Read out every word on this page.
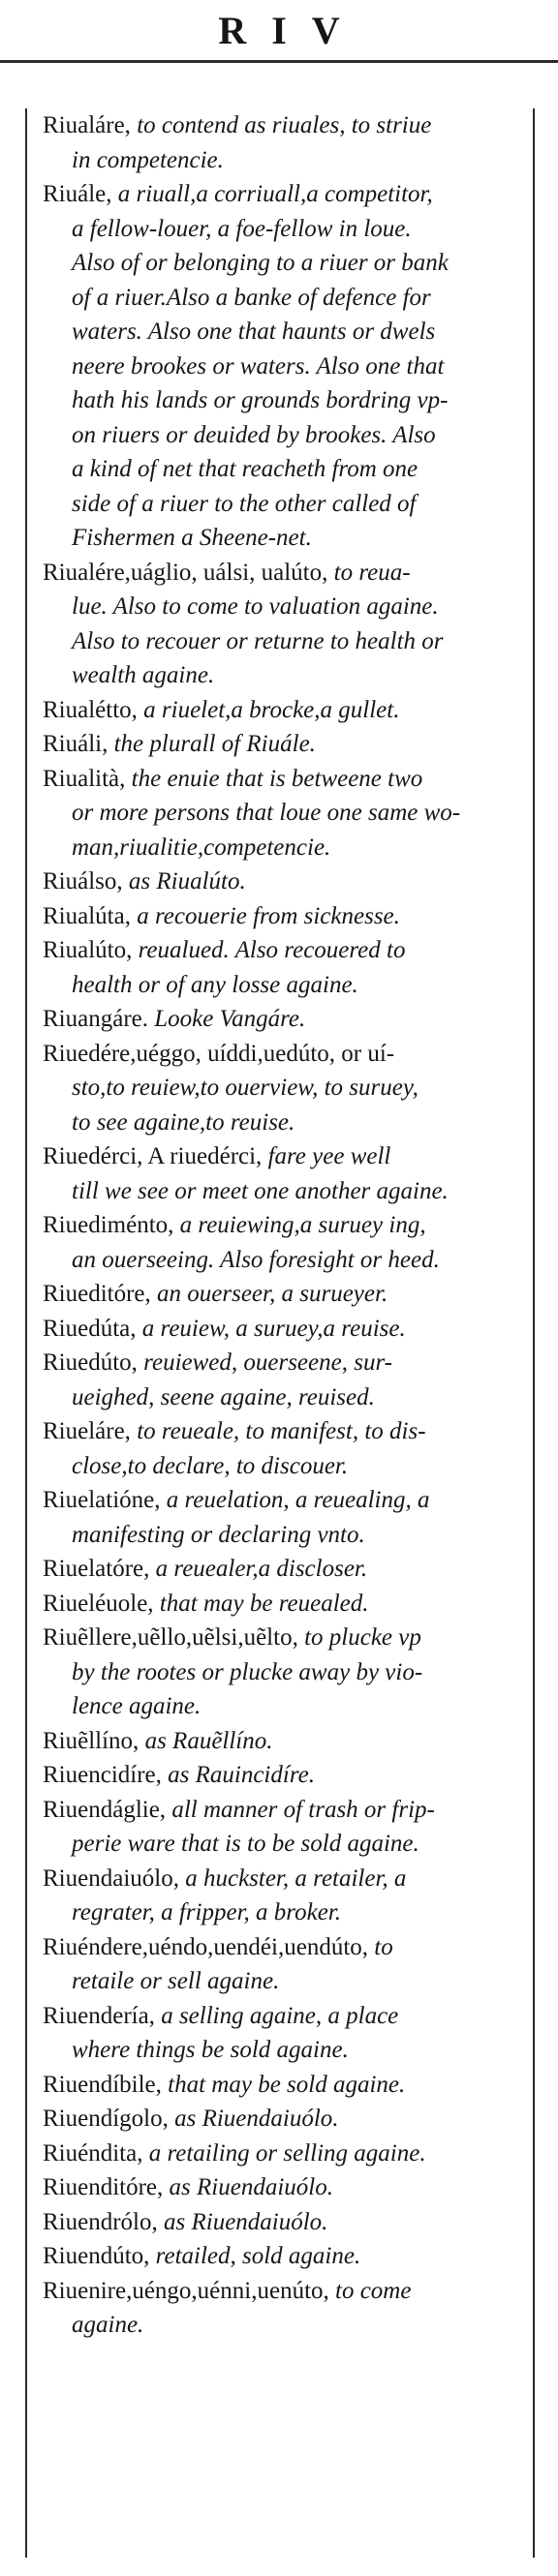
RIV
Riualáre, to contend as riuales, to striue
in competencie.
Riuále, a riuall,a corriuall,a competitor,
a fellow-louer, a foe-fellow in loue.
Also of or belonging to a riuer or bank
of a riuer.Also a banke of defence for
waters. Also one that haunts or dwels
neere brookes or waters. Also one that
hath his lands or grounds bordring vp-
on riuers or deuided by brookes. Also
a kind of net that reacheth from one
side of a riuer to the other called of
Fishermen a Sheene-net.
Riualére,uáglio, uálsi, ualúto, to reua-
lue. Also to come to valuation againe.
Also to recouer or returne to health or
wealth againe.
Riualétto, a riuelet,a brocke,a gullet.
Riuáli, the plurall of Riuále.
Riualità, the enuie that is betweene two
or more persons that loue one same wo-
man,riualitie,competencie.
Riuálso, as Riualúto.
Riualúta, a recouerie from sicknesse.
Riualúto, reualued. Also recouered to
health or of any losse againe.
Riuangáre. Looke Vangáre.
Riuedére,uéggo, uíddi,uedúto, or uí-
sto,to reuiew,to ouerview, to suruey,
to see againe,to reuise.
Riuedérci, A riuedérci, fare yee well
till we see or meet one another againe.
Riuediménto, a reuiewing,a suruey ing,
an ouerseeing. Also foresight or heed.
Riueditóre, an ouerseer, a surueyer.
Riuedúta, a reuiew, a suruey,a reuise.
Riuedúto, reuiewed, ouerseene, sur-
ueighed, seene againe, reuised.
Riueláre, to reueale, to manifest, to dis-
close,to declare, to discouer.
Riuelatióne, a reuelation, a reuealing, a
manifesting or declaring vnto.
Riuelatóre, a reuealer,a discloser.
Riueléuole, that may be reuealed.
Riuẽllere,uẽllo,uẽlsi,uẽlto, to plucke vp
by the rootes or plucke away by vio-
lence againe.
Riuẽllíno, as Rauẽllíno.
Riuencidíre, as Rauincidíre.
Riuendáglie, all manner of trash or frip-
perie ware that is to be sold againe.
Riuendaiuólo, a huckster, a retailer, a
regrater, a fripper, a broker.
Riuéndere,uéndo,uendéi,uendúto, to
retaile or sell againe.
Riuendería, a selling againe, a place
where things be sold againe.
Riuendíbile, that may be sold againe.
Riuendígolo, as Riuendaiuólo.
Riuéndita, a retailing or selling againe.
Riuenditóre, as Riuendaiuólo.
Riuendrólo, as Riuendaiuólo.
Riuendúto, retailed, sold againe.
Riuenire,uéngo,uénni,uenúto, to come
againe.
